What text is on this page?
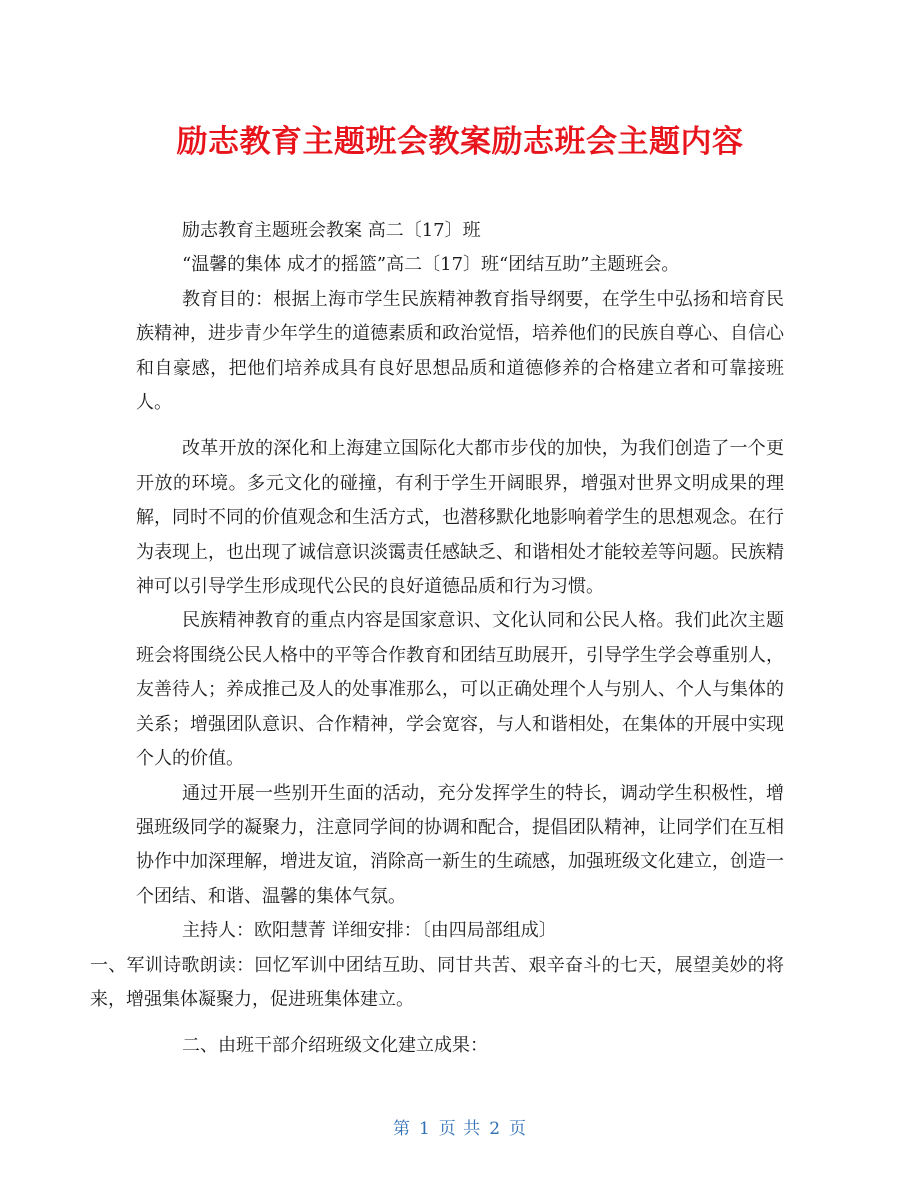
励志教育主题班会教案励志班会主题内容

励志教育主题班会教案 高二〔17〕班

“温馨的集体 成才的摇篮”高二〔17〕班“团结互助”主题班会。

教育目的：根据上海市学生民族精神教育指导纲要，在学生中弘扬和培育民族精神，进步青少年学生的道德素质和政治觉悟，培养他们的民族自尊心、自信心和自豪感，把他们培养成具有良好思想品质和道德修养的合格建立者和可靠接班人。

改革开放的深化和上海建立国际化大都市步伐的加快，为我们创造了一个更开放的环境。多元文化的碰撞，有利于学生开阔眼界，增强对世界文明成果的理解，同时不同的价值观念和生活方式，也潜移默化地影响着学生的思想观念。在行为表现上，也出现了诚信意识淡霭责任感缺乏、和谐相处才能较差等问题。民族精神可以引导学生形成现代公民的良好道德品质和行为习惯。

民族精神教育的重点内容是国家意识、文化认同和公民人格。我们此次主题班会将围绕公民人格中的平等合作教育和团结互助展开，引导学生学会尊重别人，友善待人；养成推己及人的处事准那么，可以正确处理个人与别人、个人与集体的关系；增强团队意识、合作精神，学会宽容，与人和谐相处，在集体的开展中实现个人的价值。

通过开展一些别开生面的活动，充分发挥学生的特长，调动学生积极性，增强班级同学的凝聚力，注意同学间的协调和配合，提倡团队精神，让同学们在互相协作中加深理解，增进友谊，消除高一新生的生疏感，加强班级文化建立，创造一个团结、和谐、温馨的集体气氛。

主持人：欧阳慧菁 详细安排：〔由四局部组成〕

一、军训诗歌朗读：回忆军训中团结互助、同甘共苦、艰辛奋斗的七天，展望美妙的将来，增强集体凝聚力，促进班集体建立。

二、由班干部介绍班级文化建立成果：

第 1 页 共 2 页
